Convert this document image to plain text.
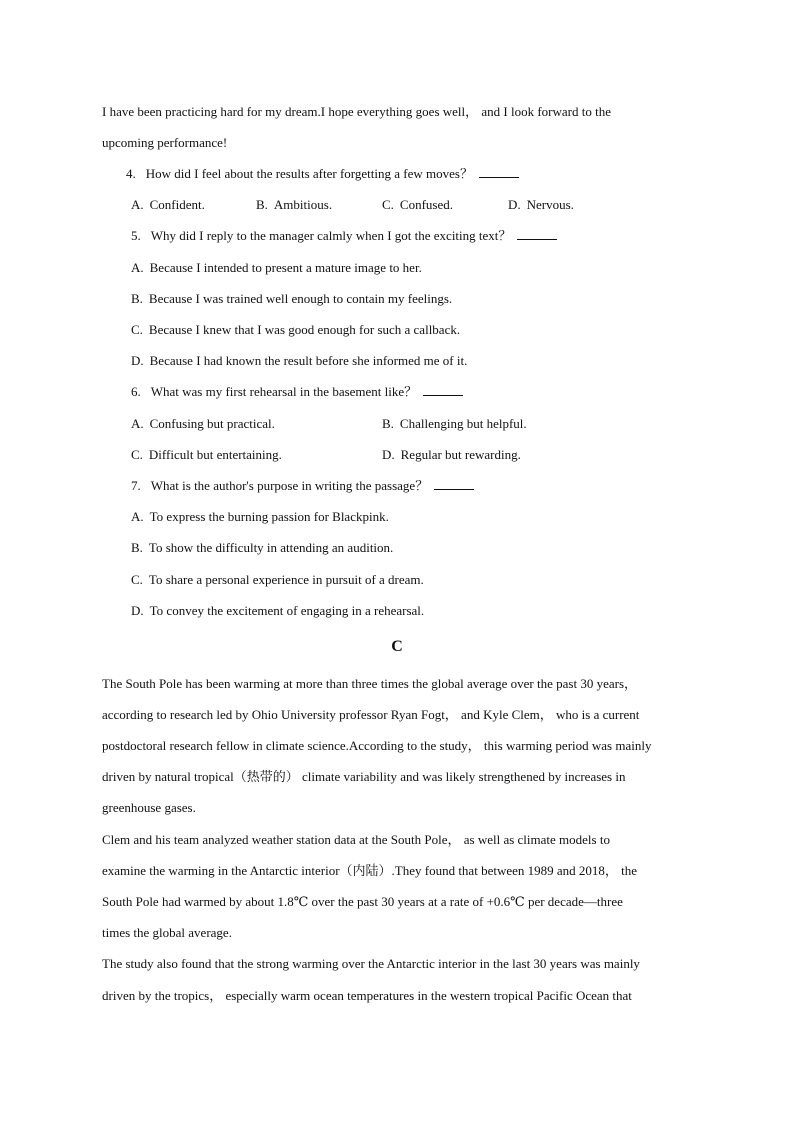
I have been practicing hard for my dream.I hope everything goes well， and I look forward to the
upcoming performance!
4. How did I feel about the results after forgetting a few moves？
A. Confident.	B. Ambitious.	C. Confused.	D. Nervous.
5. Why did I reply to the manager calmly when I got the exciting text？
A. Because I intended to present a mature image to her.
B. Because I was trained well enough to contain my feelings.
C. Because I knew that I was good enough for such a callback.
D. Because I had known the result before she informed me of it.
6. What was my first rehearsal in the basement like？
A. Confusing but practical.	B. Challenging but helpful.
C. Difficult but entertaining.	D. Regular but rewarding.
7. What is the author's purpose in writing the passage？
A. To express the burning passion for Blackpink.
B. To show the difficulty in attending an audition.
C. To share a personal experience in pursuit of a dream.
D. To convey the excitement of engaging in a rehearsal.
C
The South Pole has been warming at more than three times the global average over the past 30 years，
according to research led by Ohio University professor Ryan Fogt， and Kyle Clem， who is a current
postdoctoral research fellow in climate science.According to the study， this warming period was mainly
driven by natural tropical（热带的） climate variability and was likely strengthened by increases in
greenhouse gases.
Clem and his team analyzed weather station data at the South Pole， as well as climate models to
examine the warming in the Antarctic interior（内陆）.They found that between 1989 and 2018， the
South Pole had warmed by about 1.8℃ over the past 30 years at a rate of +0.6℃ per decade—three
times the global average.
The study also found that the strong warming over the Antarctic interior in the last 30 years was mainly
driven by the tropics， especially warm ocean temperatures in the western tropical Pacific Ocean that
